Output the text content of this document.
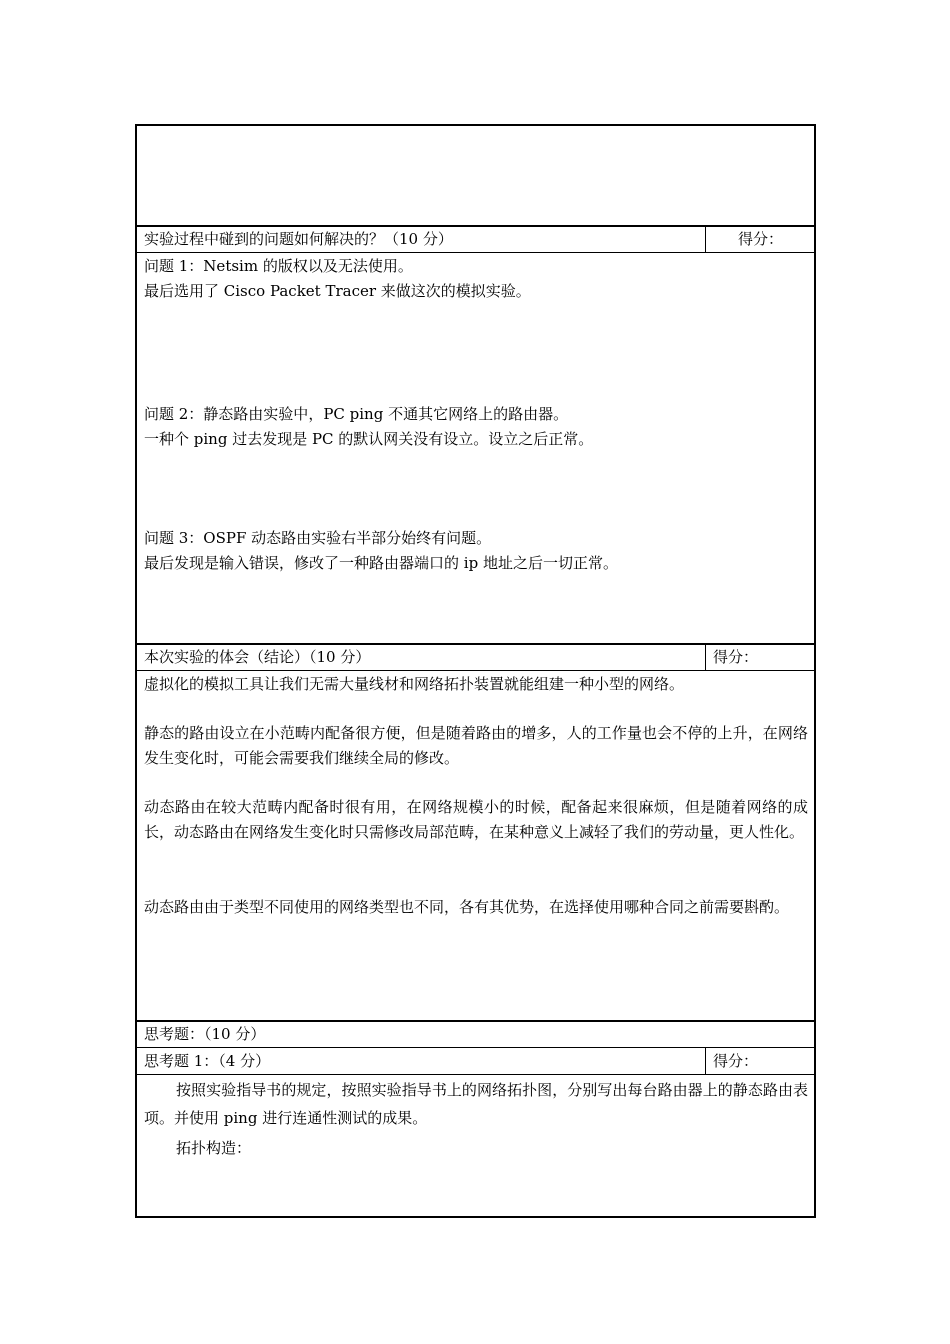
实验过程中碰到的问题如何解决的？（10 分）	得分：
问题 1：Netsim 的版权以及无法使用。
最后选用了 Cisco Packet Tracer 来做这次的模拟实验。
问题 2：静态路由实验中，PC ping 不通其它网络上的路由器。
一种个 ping 过去发现是 PC 的默认网关没有设立。设立之后正常。
问题 3：OSPF 动态路由实验右半部分始终有问题。
最后发现是输入错误，修改了一种路由器端口的 ip 地址之后一切正常。
本次实验的体会（结论）（10 分）	得分：
虚拟化的模拟工具让我们无需大量线材和网络拓扑装置就能组建一种小型的网络。
静态的路由设立在小范畴内配备很方便，但是随着路由的增多，人的工作量也会不停的上升，在网络发生变化时，可能会需要我们继续全局的修改。
动态路由在较大范畴内配备时很有用，在网络规模小的时候，配备起来很麻烦，但是随着网络的成长，动态路由在网络发生变化时只需修改局部范畴，在某种意义上减轻了我们的劳动量，更人性化。
动态路由由于类型不同使用的网络类型也不同，各有其优势，在选择使用哪种合同之前需要斟酌。
思考题：（10 分）
思考题 1：（4 分）	得分：
按照实验指导书的规定，按照实验指导书上的网络拓扑图，分别写出每台路由器上的静态路由表项。并使用 ping 进行连通性测试的成果。
拓扑构造：
